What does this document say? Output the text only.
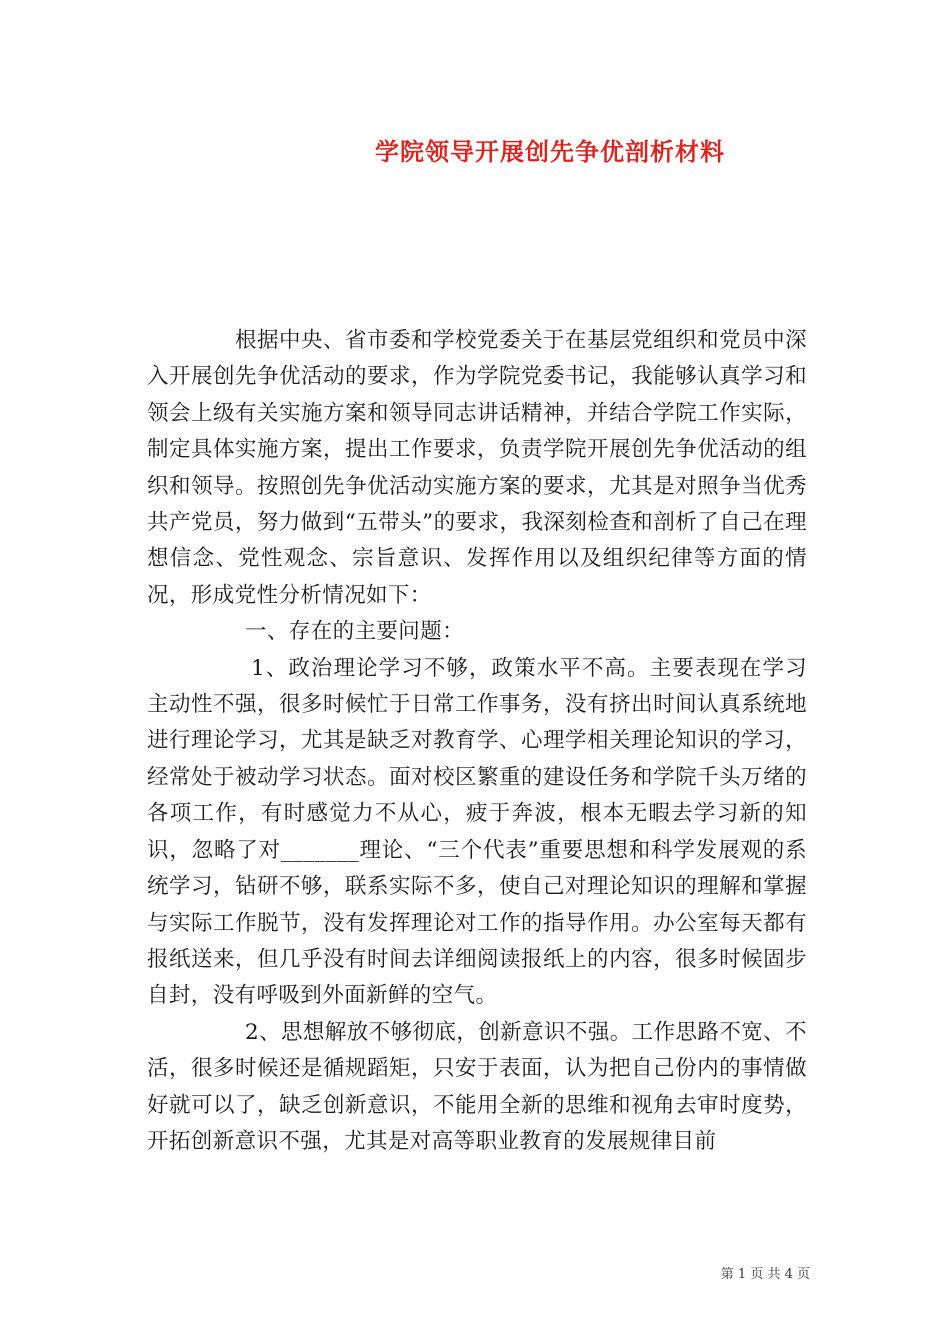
学院领导开展创先争优剖析材料

根据中央、省市委和学校党委关于在基层党组织和党员中深入开展创先争优活动的要求，作为学院党委书记，我能够认真学习和领会上级有关实施方案和领导同志讲话精神，并结合学院工作实际，制定具体实施方案，提出工作要求，负责学院开展创先争优活动的组织和领导。按照创先争优活动实施方案的要求，尤其是对照争当优秀共产党员，努力做到“五带头”的要求，我深刻检查和剖析了自己在理想信念、党性观念、宗旨意识、发挥作用以及组织纪律等方面的情况，形成党性分析情况如下：

一、存在的主要问题：

1、政治理论学习不够，政策水平不高。主要表现在学习主动性不强，很多时候忙于日常工作事务，没有挤出时间认真系统地进行理论学习，尤其是缺乏对教育学、心理学相关理论知识的学习，经常处于被动学习状态。面对校区繁重的建设任务和学院千头万绪的各项工作，有时感觉力不从心，疲于奔波，根本无暇去学习新的知识，忽略了对_______理论、“三个代表”重要思想和科学发展观的系统学习，钻研不够，联系实际不多，使自己对理论知识的理解和掌握与实际工作脱节，没有发挥理论对工作的指导作用。办公室每天都有报纸送来，但几乎没有时间去详细阅读报纸上的内容，很多时候固步自封，没有呼吸到外面新鲜的空气。

2、思想解放不够彻底，创新意识不强。工作思路不宽、不活，很多时候还是循规蹈矩，只安于表面，认为把自己份内的事情做好就可以了，缺乏创新意识，不能用全新的思维和视角去审时度势，开拓创新意识不强，尤其是对高等职业教育的发展规律目前

第 1 页 共 4 页
